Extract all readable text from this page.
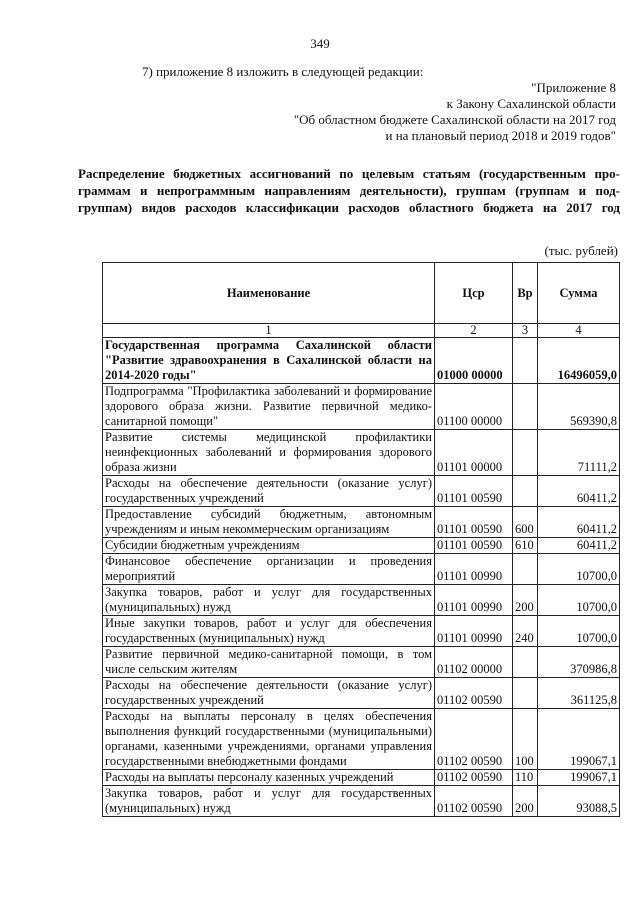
349
7) приложение 8 изложить в следующей редакции:
"Приложение 8
к Закону Сахалинской области
"Об областном бюджете Сахалинской области на 2017 год
и на плановый период 2018 и 2019 годов"
Распределение бюджетных ассигнований по целевым статьям (государственным про-
граммам и непрограммным направлениям деятельности), группам (группам и под-
группам) видов расходов классификации расходов областного бюджета на 2017 год
(тыс. рублей)
Наименование	Цср	Вр	Сумма
1	2	3	4
Государственная программа Сахалинской области "Развитие здравоохранения в Сахалинской области на 2014-2020 годы"	01000 00000		16496059,0
Подпрограмма "Профилактика заболеваний и формирование здорового образа жизни. Развитие первичной медико-санитарной помощи"	01100 00000		569390,8
Развитие системы медицинской профилактики неинфекционных заболеваний и формирования здорового образа жизни	01101 00000		71111,2
Расходы на обеспечение деятельности (оказание услуг) государственных учреждений	01101 00590		60411,2
Предоставление субсидий бюджетным, автономным учреждениям и иным некоммерческим организациям	01101 00590	600	60411,2
Субсидии бюджетным учреждениям	01101 00590	610	60411,2
Финансовое обеспечение организации и проведения мероприятий	01101 00990		10700,0
Закупка товаров, работ и услуг для государственных (муниципальных) нужд	01101 00990	200	10700,0
Иные закупки товаров, работ и услуг для обеспечения государственных (муниципальных) нужд	01101 00990	240	10700,0
Развитие первичной медико-санитарной помощи, в том числе сельским жителям	01102 00000		370986,8
Расходы на обеспечение деятельности (оказание услуг) государственных учреждений	01102 00590		361125,8
Расходы на выплаты персоналу в целях обеспечения выполнения функций государственными (муниципальными) органами, казенными учреждениями, органами управления государственными внебюджетными фондами	01102 00590	100	199067,1
Расходы на выплаты персоналу казенных учреждений	01102 00590	110	199067,1
Закупка товаров, работ и услуг для государственных (муниципальных) нужд	01102 00590	200	93088,5
